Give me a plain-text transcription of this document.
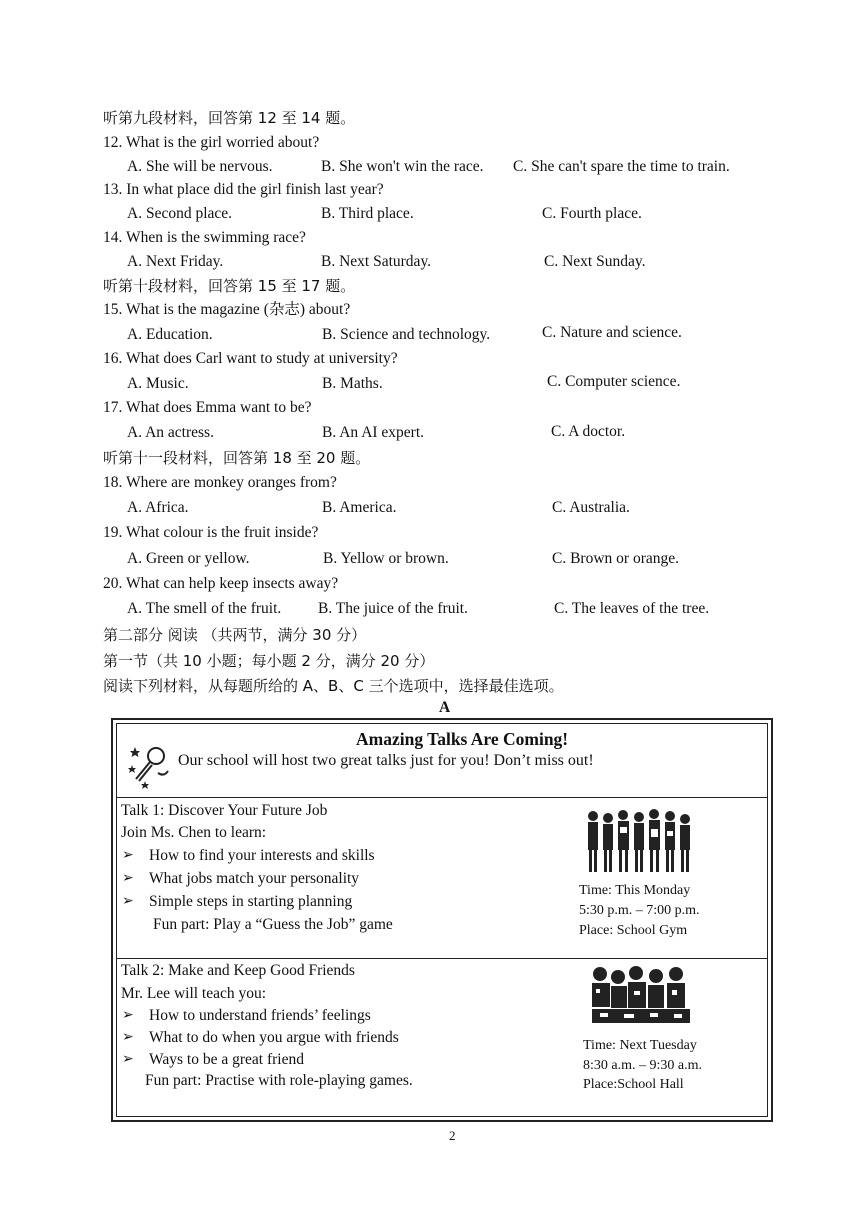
听第九段材料，回答第 12 至 14 题。
12. What is the girl worried about?
A. She will be nervous.	B. She won't win the race. C. She can't spare the time to train.
13. In what place did the girl finish last year?
A. Second place.	B. Third place.	C. Fourth place.
14. When is the swimming race?
A. Next Friday.	B. Next Saturday.	C. Next Sunday.
听第十段材料，回答第 15 至 17 题。
15. What is the magazine (杂志) about?
A. Education.	B. Science and technology.	C. Nature and science.
16. What does Carl want to study at university?
A. Music.	B. Maths.	C. Computer science.
17. What does Emma want to be?
A. An actress.	B. An AI expert.	C. A doctor.
听第十一段材料，回答第 18 至 20 题。
18. Where are monkey oranges from?
A. Africa.	B. America.	C. Australia.
19. What colour is the fruit inside?
A. Green or yellow.	B. Yellow or brown.	C. Brown or orange.
20. What can help keep insects away?
A. The smell of the fruit. B. The juice of the fruit.	C. The leaves of the tree.
第二部分 阅读 （共两节，满分 30 分）
第一节（共 10 小题；每小题 2 分，满分 20 分）
阅读下列材料，从每题所给的 A、B、C 三个选项中，选择最佳选项。
A
Amazing Talks Are Coming!
Our school will host two great talks just for you! Don’t miss out!
Talk 1: Discover Your Future Job
Join Ms. Chen to learn:
➢ How to find your interests and skills
➢ What jobs match your personality
➢ Simple steps in starting planning
Fun part: Play a “Guess the Job” game
Time: This Monday
5:30 p.m. – 7:00 p.m.
Place: School Gym
Talk 2: Make and Keep Good Friends
Mr. Lee will teach you:
➢ How to understand friends’ feelings
➢ What to do when you argue with friends
➢ Ways to be a great friend
Fun part: Practise with role-playing games.
Time: Next Tuesday
8:30 a.m. – 9:30 a.m.
Place:School Hall
2
